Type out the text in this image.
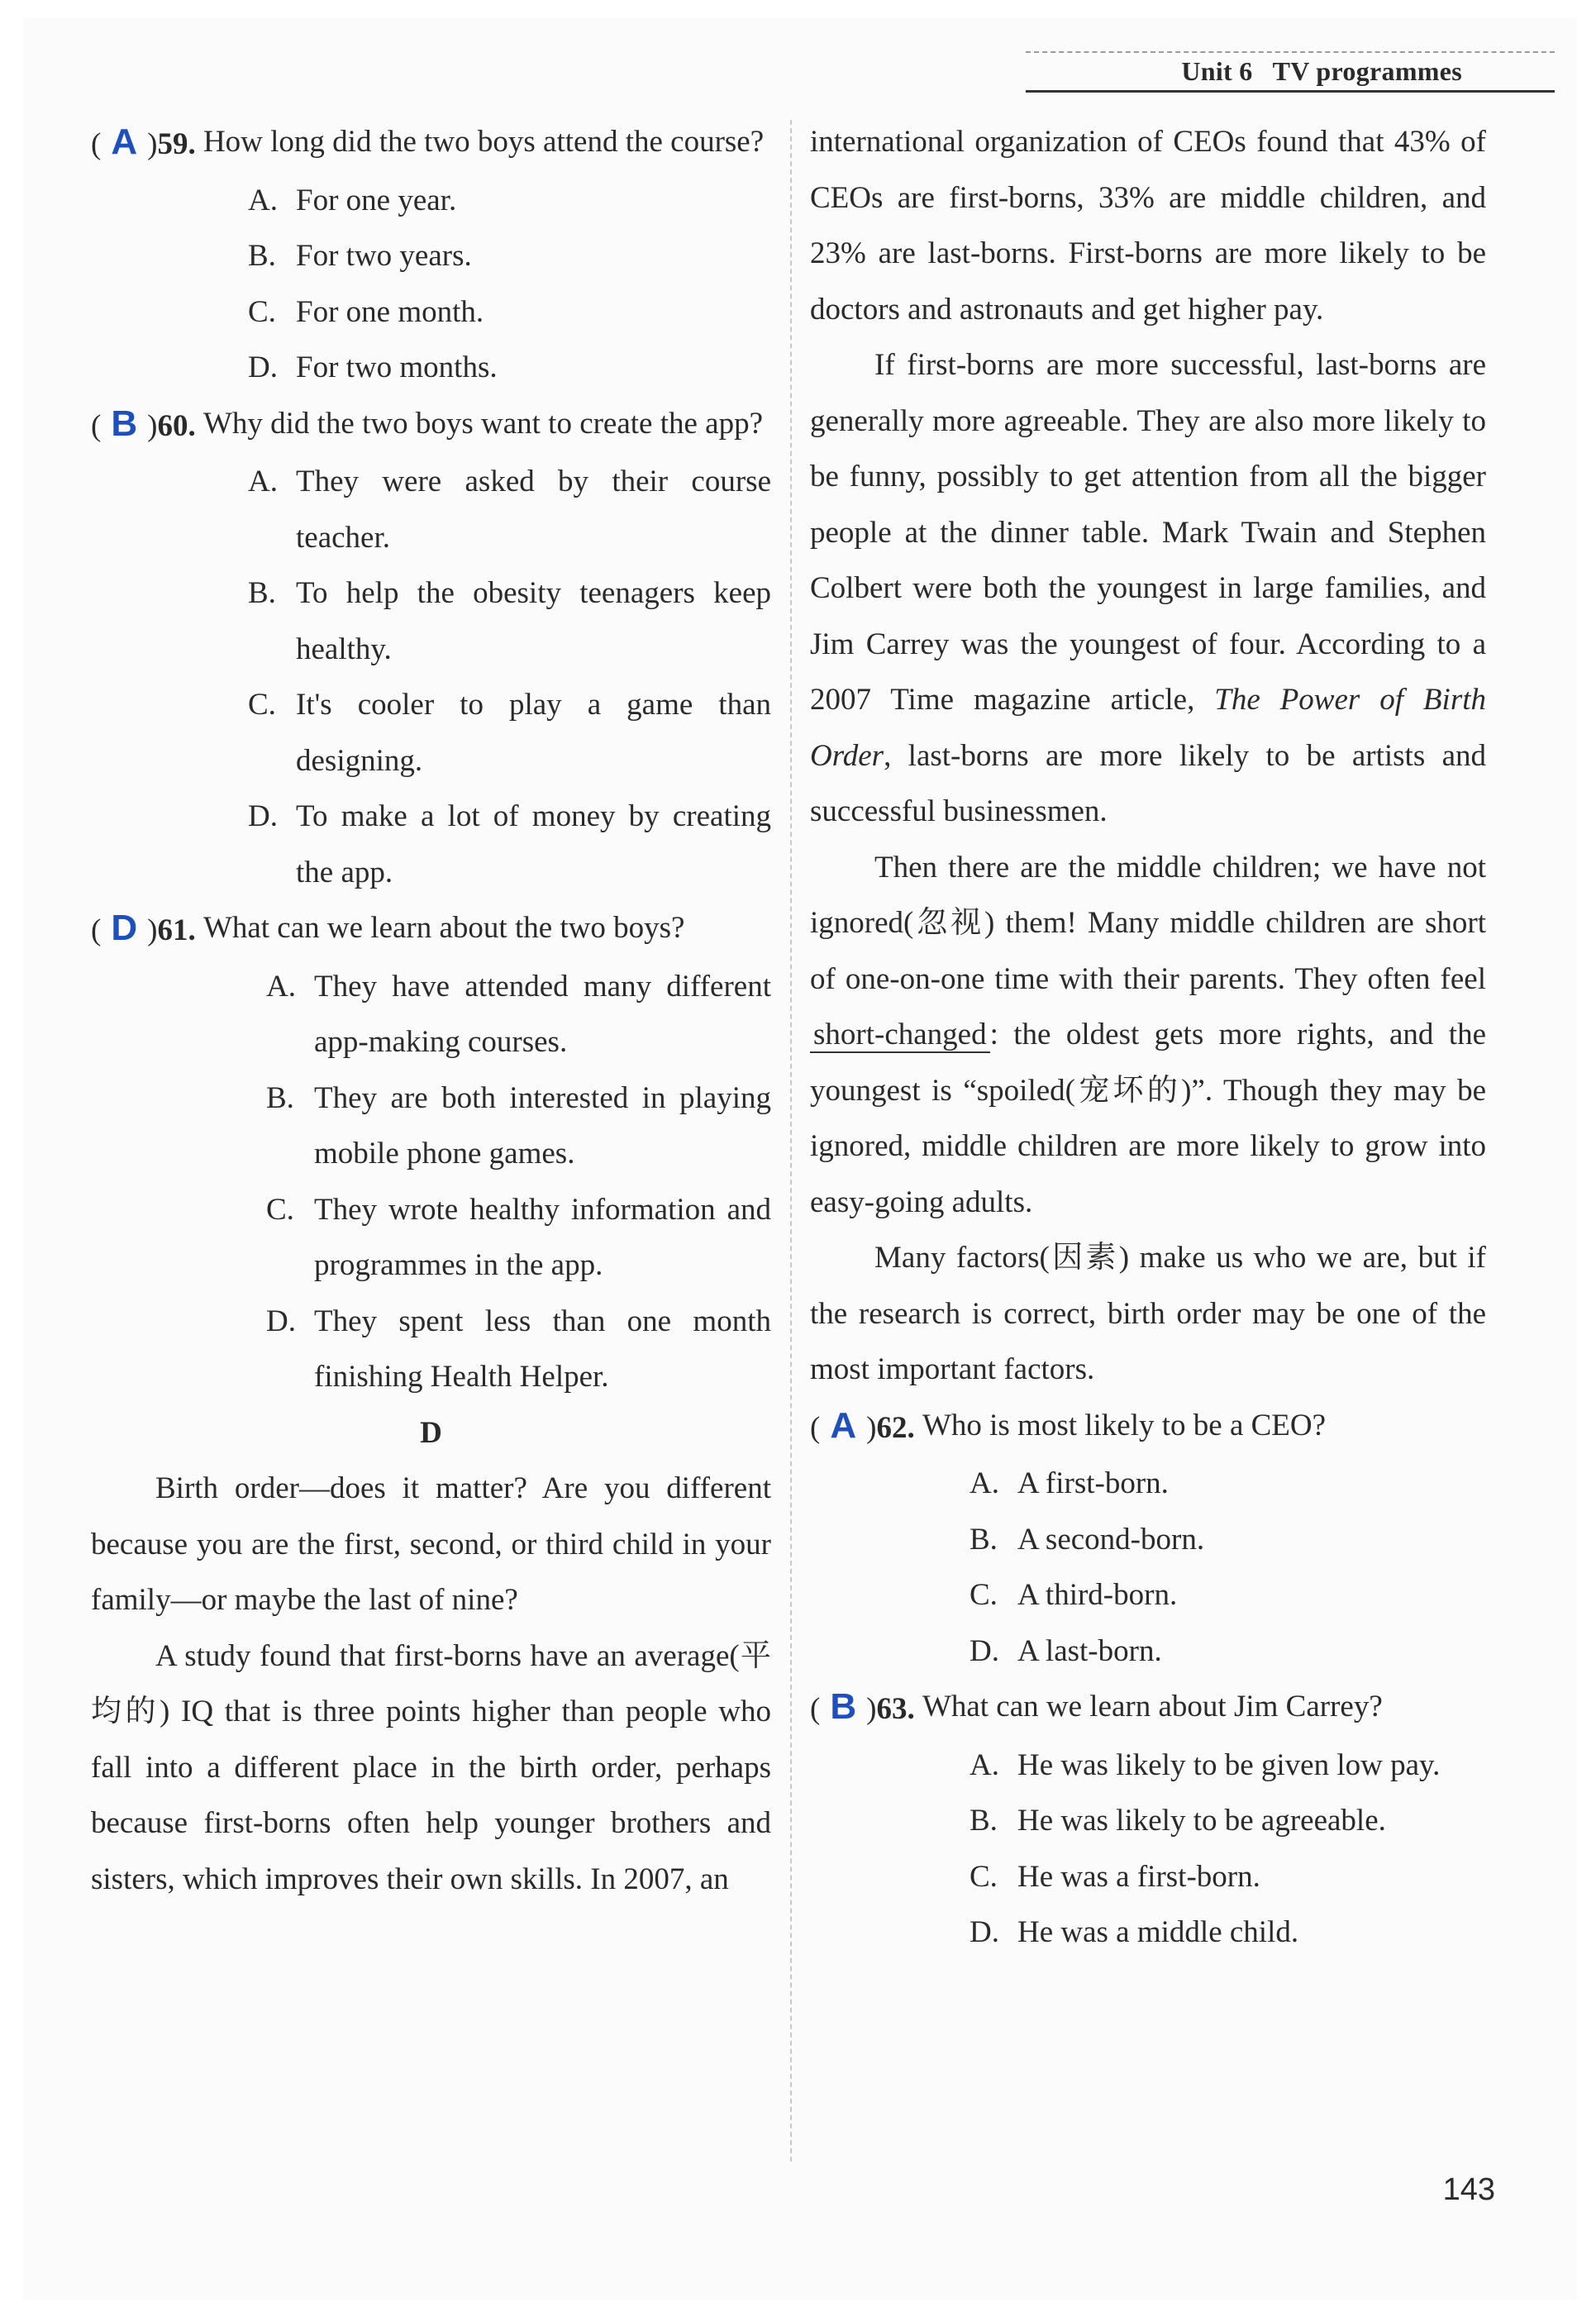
Unit 6 TV programmes
( A )59. How long did the two boys attend the course?
A. For one year.
B. For two years.
C. For one month.
D. For two months.
( B )60. Why did the two boys want to create the app?
A. They were asked by their course teacher.
B. To help the obesity teenagers keep healthy.
C. It's cooler to play a game than designing.
D. To make a lot of money by creating the app.
( D )61. What can we learn about the two boys?
A. They have attended many different app-making courses.
B. They are both interested in playing mobile phone games.
C. They wrote healthy information and programmes in the app.
D. They spent less than one month finishing Health Helper.
D

Birth order—does it matter? Are you different because you are the first, second, or third child in your family—or maybe the last of nine?

A study found that first-borns have an average(平均的) IQ that is three points higher than people who fall into a different place in the birth order, perhaps because first-borns often help younger brothers and sisters, which improves their own skills. In 2007, an

international organization of CEOs found that 43% of CEOs are first-borns, 33% are middle children, and 23% are last-borns. First-borns are more likely to be doctors and astronauts and get higher pay.

If first-borns are more successful, last-borns are generally more agreeable. They are also more likely to be funny, possibly to get attention from all the bigger people at the dinner table. Mark Twain and Stephen Colbert were both the youngest in large families, and Jim Carrey was the youngest of four. According to a 2007 Time magazine article, The Power of Birth Order, last-borns are more likely to be artists and successful businessmen.

Then there are the middle children; we have not ignored(忽视) them! Many middle children are short of one-on-one time with their parents. They often feel short-changed : the oldest gets more rights, and the youngest is “spoiled(宠坏的)”. Though they may be ignored, middle children are more likely to grow into easy-going adults.

Many factors(因素) make us who we are, but if the research is correct, birth order may be one of the most important factors.

( A )62. Who is most likely to be a CEO?
A. A first-born.
B. A second-born.
C. A third-born.
D. A last-born.
( B )63. What can we learn about Jim Carrey?
A. He was likely to be given low pay.
B. He was likely to be agreeable.
C. He was a first-born.
D. He was a middle child.
143
